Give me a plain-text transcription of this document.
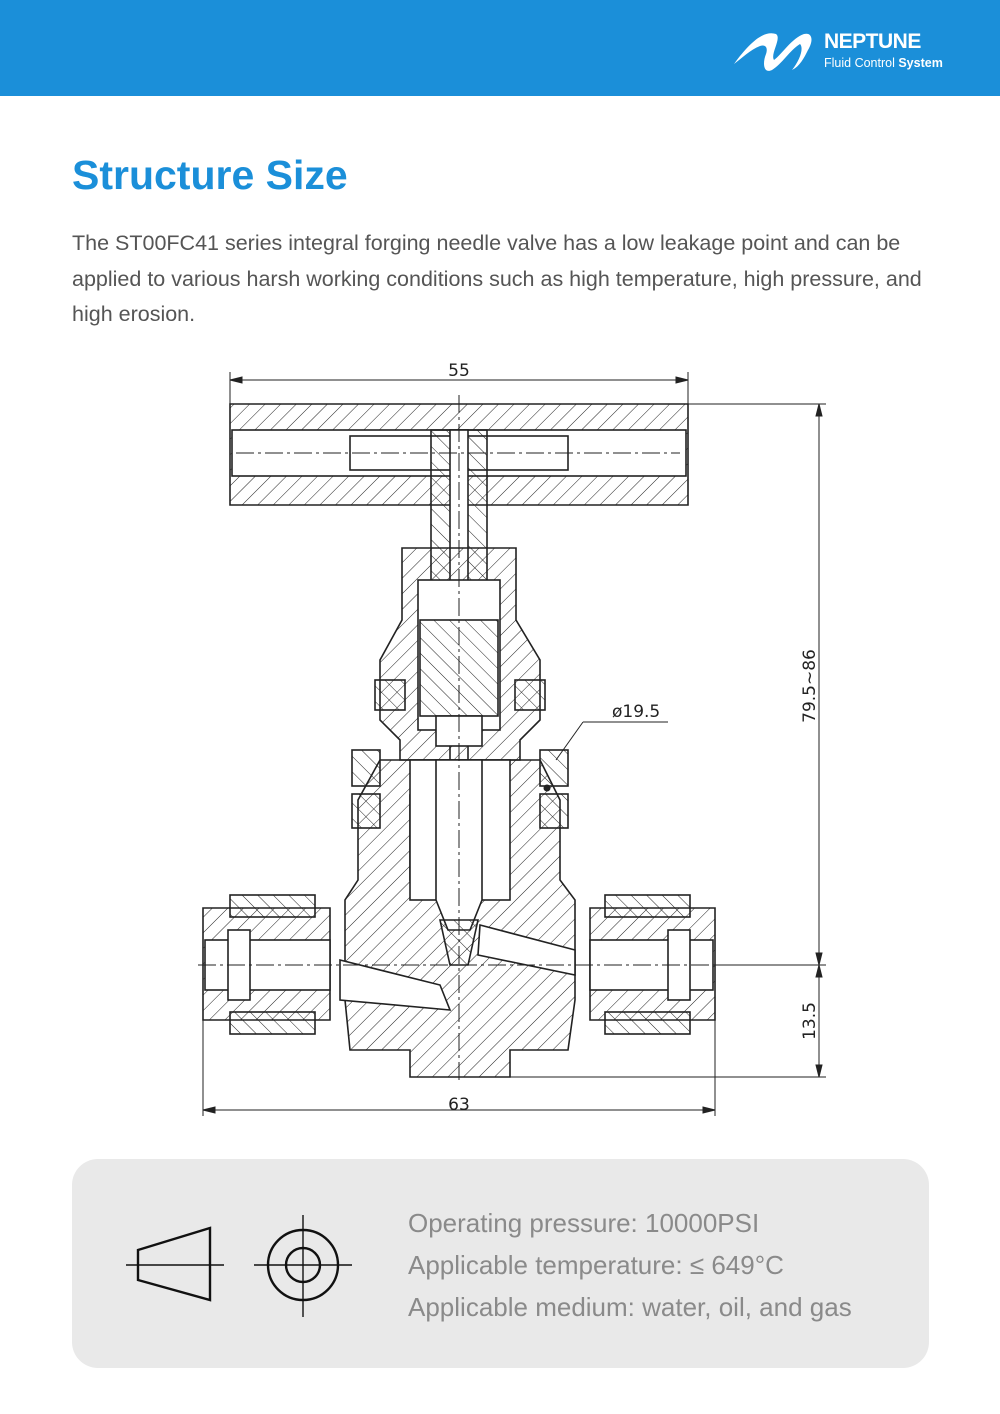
NEPTUNE
Fluid Control System
Structure Size

The ST00FC41 series integral forging needle valve has a low leakage point and can be applied to various harsh working conditions such as high temperature, high pressure, and high erosion.

55
ø19.5	79.5~86
13.5
63
Operating pressure: 10000PSI
Applicable temperature: ≤ 649°C
Applicable medium: water, oil, and gas
